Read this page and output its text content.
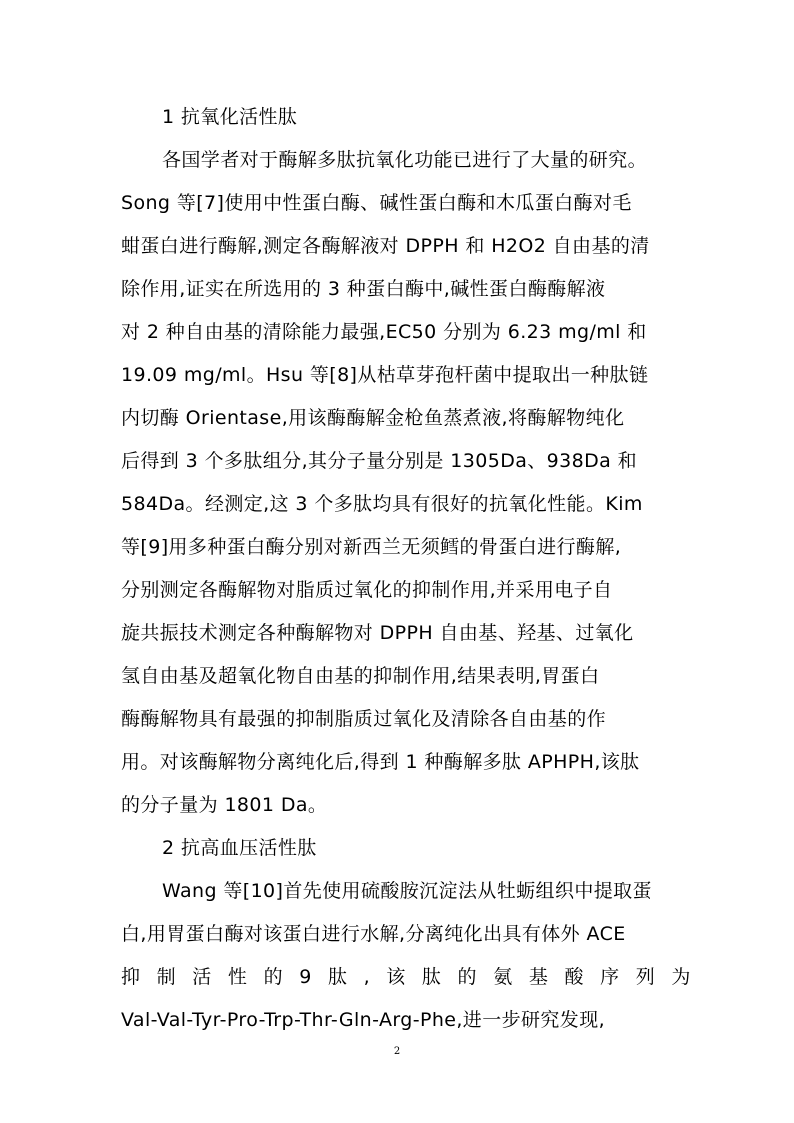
1 抗氧化活性肽
各国学者对于酶解多肽抗氧化功能已进行了大量的研究。
Song 等[7]使用中性蛋白酶、碱性蛋白酶和木瓜蛋白酶对毛
蚶蛋白进行酶解,测定各酶解液对 DPPH 和 H2O2 自由基的清
除作用,证实在所选用的 3 种蛋白酶中,碱性蛋白酶酶解液
对 2 种自由基的清除能力最强,EC50 分别为 6.23 mg/ml 和
19.09 mg/ml。Hsu 等[8]从枯草芽孢杆菌中提取出一种肽链
内切酶 Orientase,用该酶酶解金枪鱼蒸煮液,将酶解物纯化
后得到 3 个多肽组分,其分子量分别是 1305Da、938Da 和
584Da。经测定,这 3 个多肽均具有很好的抗氧化性能。Kim
等[9]用多种蛋白酶分别对新西兰无须鳕的骨蛋白进行酶解,
分别测定各酶解物对脂质过氧化的抑制作用,并采用电子自
旋共振技术测定各种酶解物对 DPPH 自由基、羟基、过氧化
氢自由基及超氧化物自由基的抑制作用,结果表明,胃蛋白
酶酶解物具有最强的抑制脂质过氧化及清除各自由基的作
用。对该酶解物分离纯化后,得到 1 种酶解多肽 APHPH,该肽
的分子量为 1801 Da。
2 抗高血压活性肽
Wang 等[10]首先使用硫酸胺沉淀法从牡蛎组织中提取蛋
白,用胃蛋白酶对该蛋白进行水解,分离纯化出具有体外 ACE
抑 制 活 性 的 9 肽 , 该 肽 的 氨 基 酸 序 列 为
Val-Val-Tyr-Pro-Trp-Thr-Gln-Arg-Phe,进一步研究发现,
2
